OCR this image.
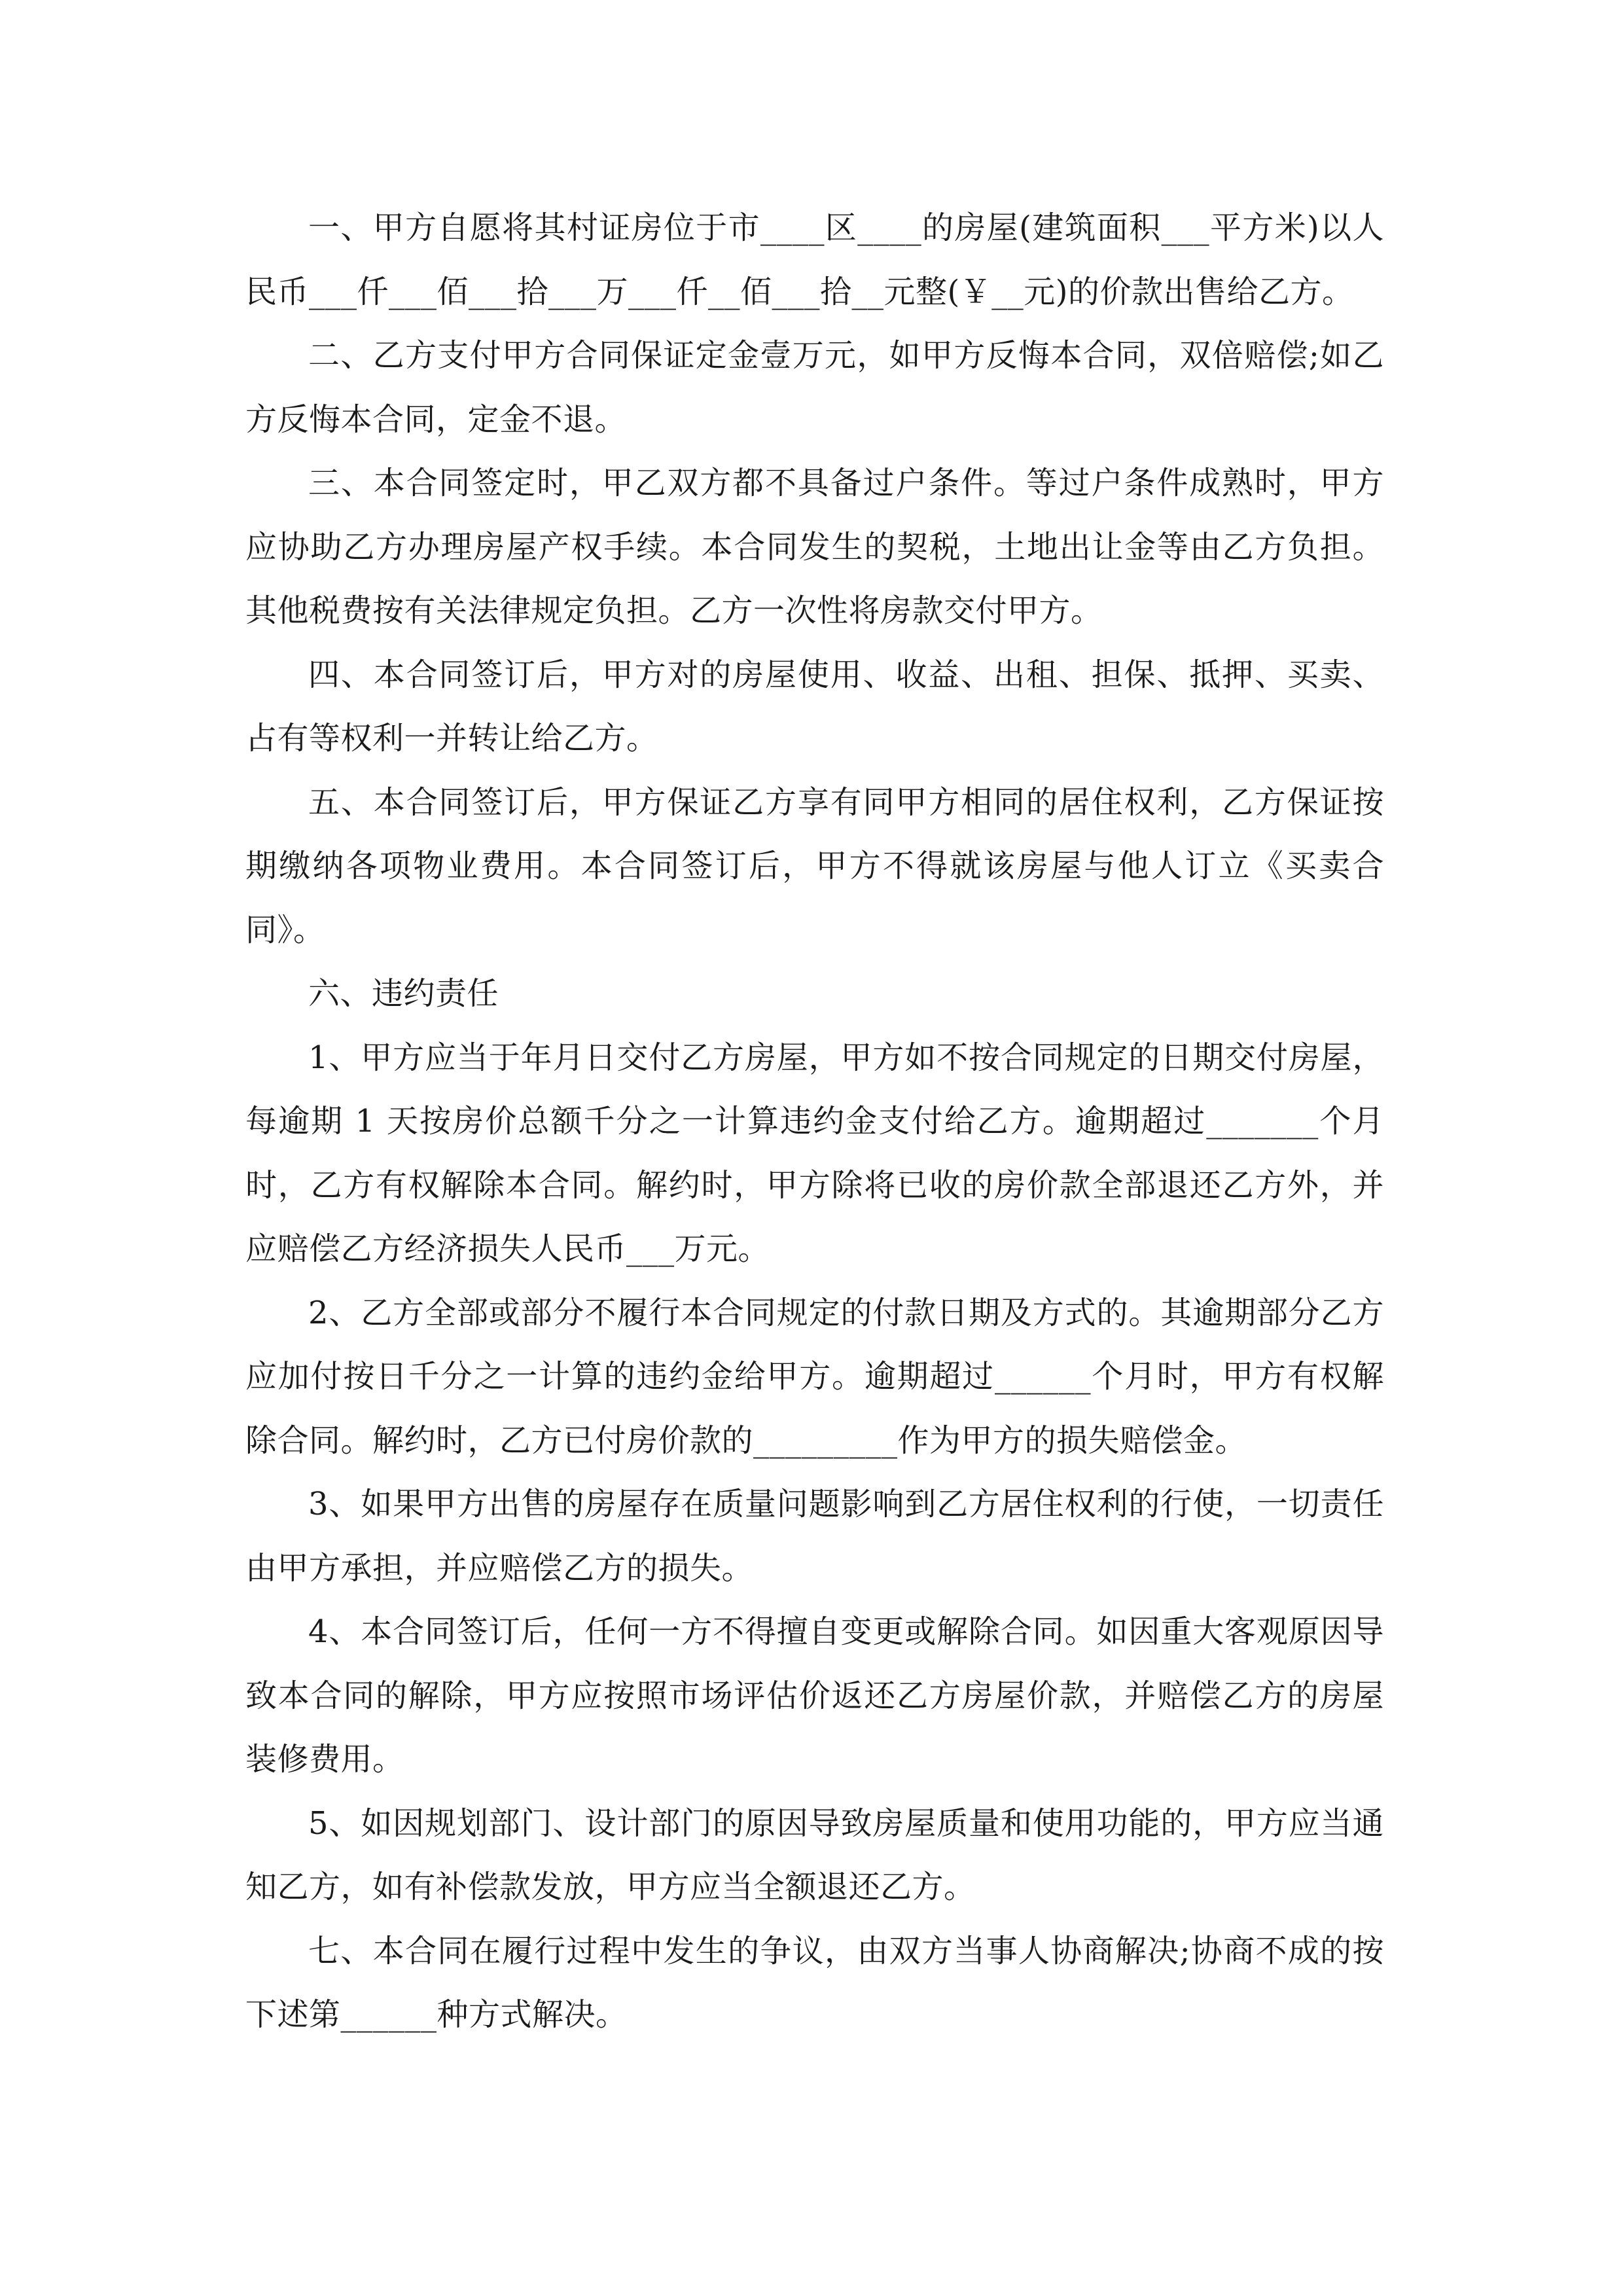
一、甲方自愿将其村证房位于市____区____的房屋(建筑面积___平方米)以人民币___仟___佰___拾___万___仟__佰___拾__元整(￥__元)的价款出售给乙方。

二、乙方支付甲方合同保证定金壹万元，如甲方反悔本合同，双倍赔偿;如乙方反悔本合同，定金不退。

三、本合同签定时，甲乙双方都不具备过户条件。等过户条件成熟时，甲方应协助乙方办理房屋产权手续。本合同发生的契税，土地出让金等由乙方负担。其他税费按有关法律规定负担。乙方一次性将房款交付甲方。

四、本合同签订后，甲方对的房屋使用、收益、出租、担保、抵押、买卖、占有等权利一并转让给乙方。

五、本合同签订后，甲方保证乙方享有同甲方相同的居住权利，乙方保证按期缴纳各项物业费用。本合同签订后，甲方不得就该房屋与他人订立《买卖合同》。

六、违约责任

1、甲方应当于年月日交付乙方房屋，甲方如不按合同规定的日期交付房屋，每逾期 1 天按房价总额千分之一计算违约金支付给乙方。逾期超过_______个月时，乙方有权解除本合同。解约时，甲方除将已收的房价款全部退还乙方外，并应赔偿乙方经济损失人民币___万元。

2、乙方全部或部分不履行本合同规定的付款日期及方式的。其逾期部分乙方应加付按日千分之一计算的违约金给甲方。逾期超过______个月时，甲方有权解除合同。解约时，乙方已付房价款的_________作为甲方的损失赔偿金。

3、如果甲方出售的房屋存在质量问题影响到乙方居住权利的行使，一切责任由甲方承担，并应赔偿乙方的损失。

4、本合同签订后，任何一方不得擅自变更或解除合同。如因重大客观原因导致本合同的解除，甲方应按照市场评估价返还乙方房屋价款，并赔偿乙方的房屋装修费用。

5、如因规划部门、设计部门的原因导致房屋质量和使用功能的，甲方应当通知乙方，如有补偿款发放，甲方应当全额退还乙方。

七、本合同在履行过程中发生的争议，由双方当事人协商解决;协商不成的按下述第______种方式解决。
